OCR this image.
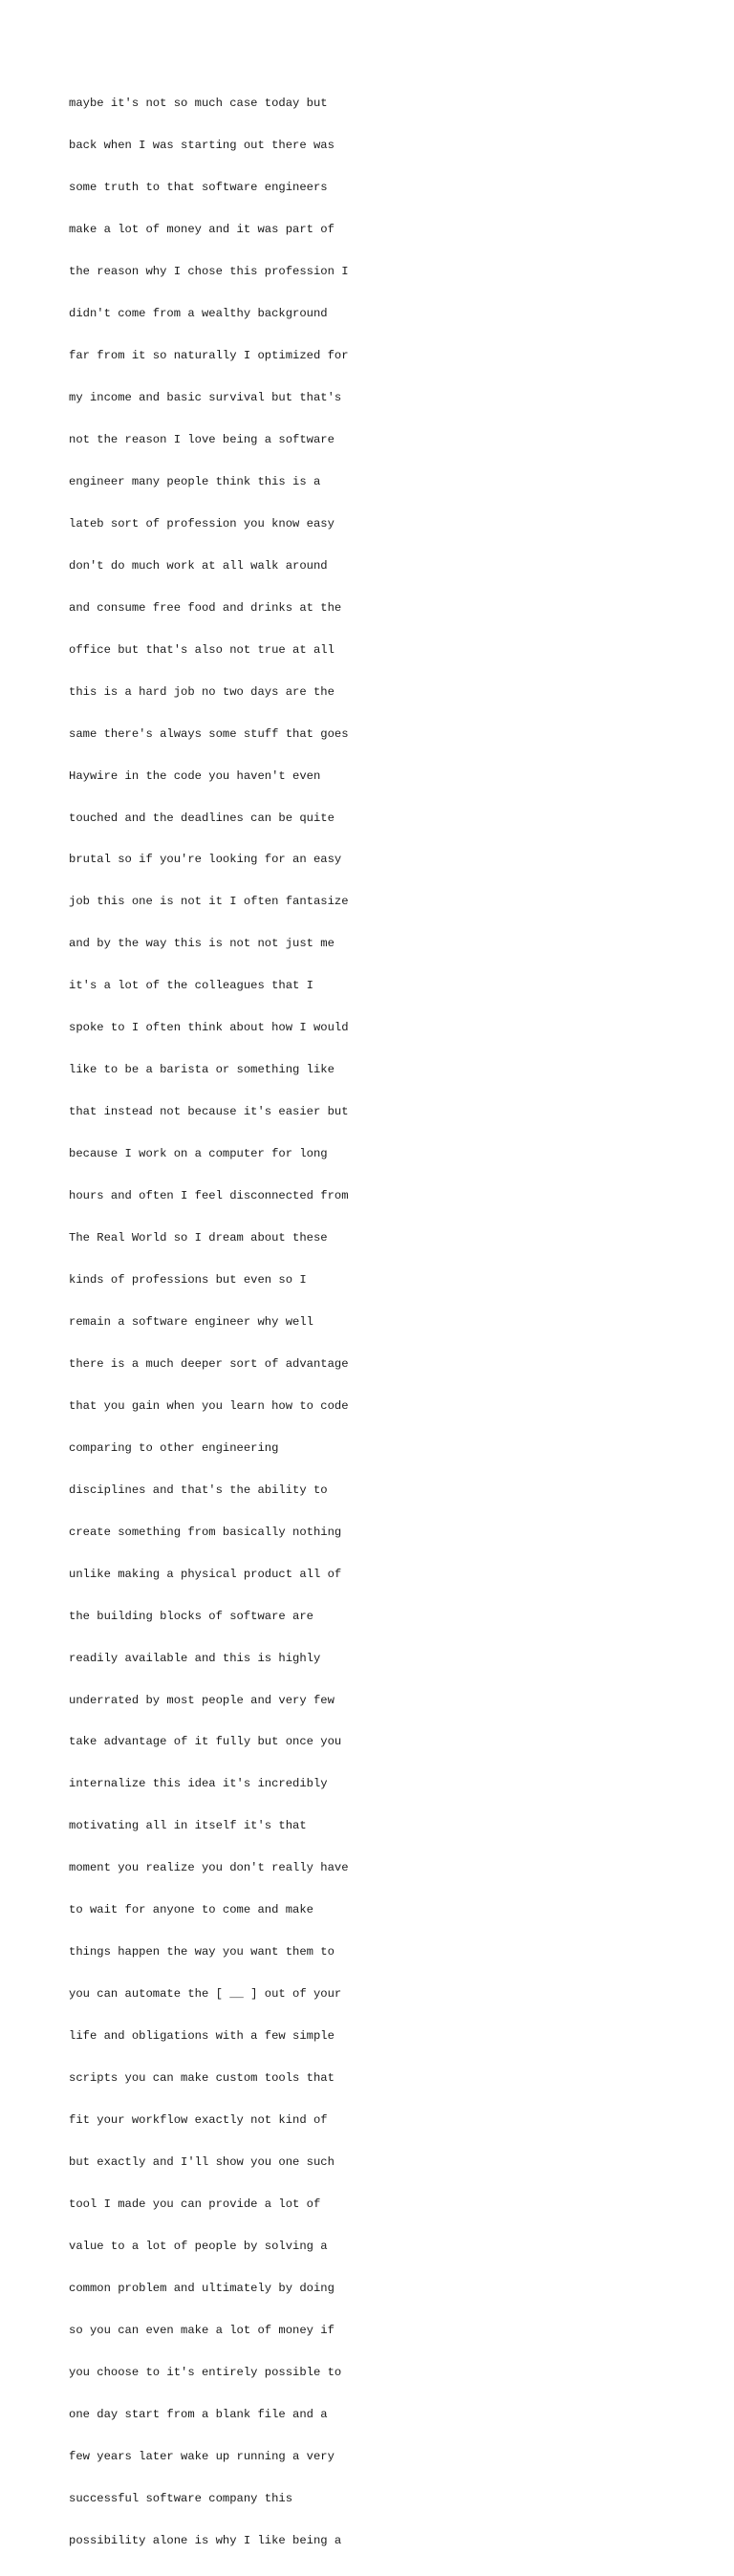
maybe it's not so much case today but

back when I was starting out there was

some truth to that software engineers

make a lot of money and it was part of

the reason why I chose this profession I

didn't come from a wealthy background

far from it so naturally I optimized for

my income and basic survival but that's

not the reason I love being a software

engineer many people think this is a

lateb sort of profession you know easy

don't do much work at all walk around

and consume free food and drinks at the

office but that's also not true at all

this is a hard job no two days are the

same there's always some stuff that goes

Haywire in the code you haven't even

touched and the deadlines can be quite

brutal so if you're looking for an easy

job this one is not it I often fantasize

and by the way this is not not just me

it's a lot of the colleagues that I

spoke to I often think about how I would

like to be a barista or something like

that instead not because it's easier but

because I work on a computer for long

hours and often I feel disconnected from

The Real World so I dream about these

kinds of professions but even so I

remain a software engineer why well

there is a much deeper sort of advantage

that you gain when you learn how to code

comparing to other engineering

disciplines and that's the ability to

create something from basically nothing

unlike making a physical product all of

the building blocks of software are

readily available and this is highly

underrated by most people and very few

take advantage of it fully but once you

internalize this idea it's incredibly

motivating all in itself it's that

moment you realize you don't really have

to wait for anyone to come and make

things happen the way you want them to

you can automate the [ __ ] out of your

life and obligations with a few simple

scripts you can make custom tools that

fit your workflow exactly not kind of

but exactly and I'll show you one such

tool I made you can provide a lot of

value to a lot of people by solving a

common problem and ultimately by doing

so you can even make a lot of money if

you choose to it's entirely possible to

one day start from a blank file and a

few years later wake up running a very

successful software company this

possibility alone is why I like being a
